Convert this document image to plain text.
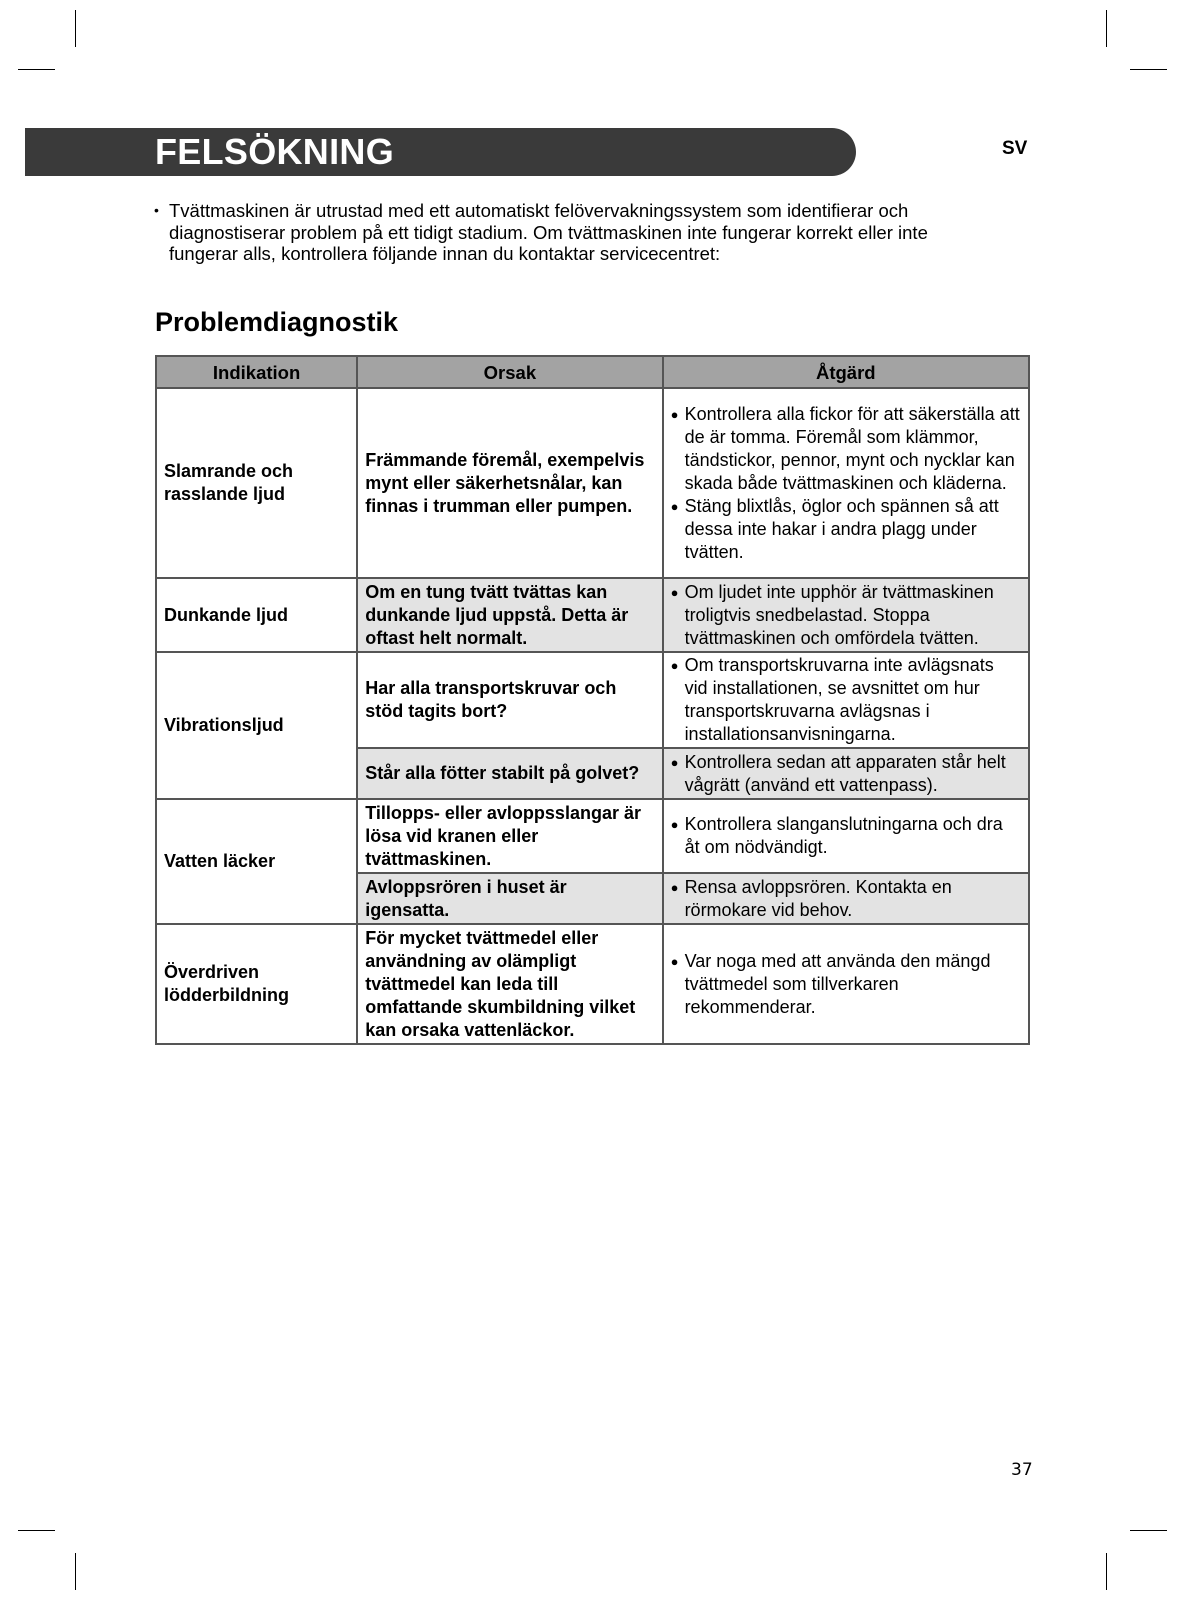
FELSÖKNING	SV
• Tvättmaskinen är utrustad med ett automatiskt felövervakningssystem som identifierar och diagnostiserar problem på ett tidigt stadium. Om tvättmaskinen inte fungerar korrekt eller inte fungerar alls, kontrollera följande innan du kontaktar servicecentret:
Problemdiagnostik
Indikation	Orsak	Åtgärd
Slamrande och rasslande ljud	Främmande föremål, exempelvis mynt eller säkerhetsnålar, kan finnas i trumman eller pumpen.	● Kontrollera alla fickor för att säkerställa att de är tomma. Föremål som klämmor, tändstickor, pennor, mynt och nycklar kan skada både tvättmaskinen och kläderna.
● Stäng blixtlås, öglor och spännen så att dessa inte hakar i andra plagg under tvätten.

Dunkande ljud	Om en tung tvätt tvättas kan dunkande ljud uppstå. Detta är oftast helt normalt.	● Om ljudet inte upphör är tvättmaskinen troligtvis snedbelastad. Stoppa tvättmaskinen och omfördela tvätten.

Vibrationsljud	Har alla transportskruvar och stöd tagits bort?	● Om transportskruvarna inte avlägsnats vid installationen, se avsnittet om hur transportskruvarna avlägsnas i installationsanvisningarna.

	Står alla fötter stabilt på golvet?	● Kontrollera sedan att apparaten står helt vågrätt (använd ett vattenpass).

Vatten läcker	Tillopps- eller avloppsslangar är lösa vid kranen eller tvättmaskinen.	● Kontrollera slanganslutningarna och dra åt om nödvändigt.

	Avloppsrören i huset är igensatta.	● Rensa avloppsrören. Kontakta en rörmokare vid behov.

Överdriven lödderbildning	För mycket tvättmedel eller användning av olämpligt tvättmedel kan leda till omfattande skumbildning vilket kan orsaka vattenläckor.	● Var noga med att använda den mängd tvättmedel som tillverkaren rekommenderar.
37
